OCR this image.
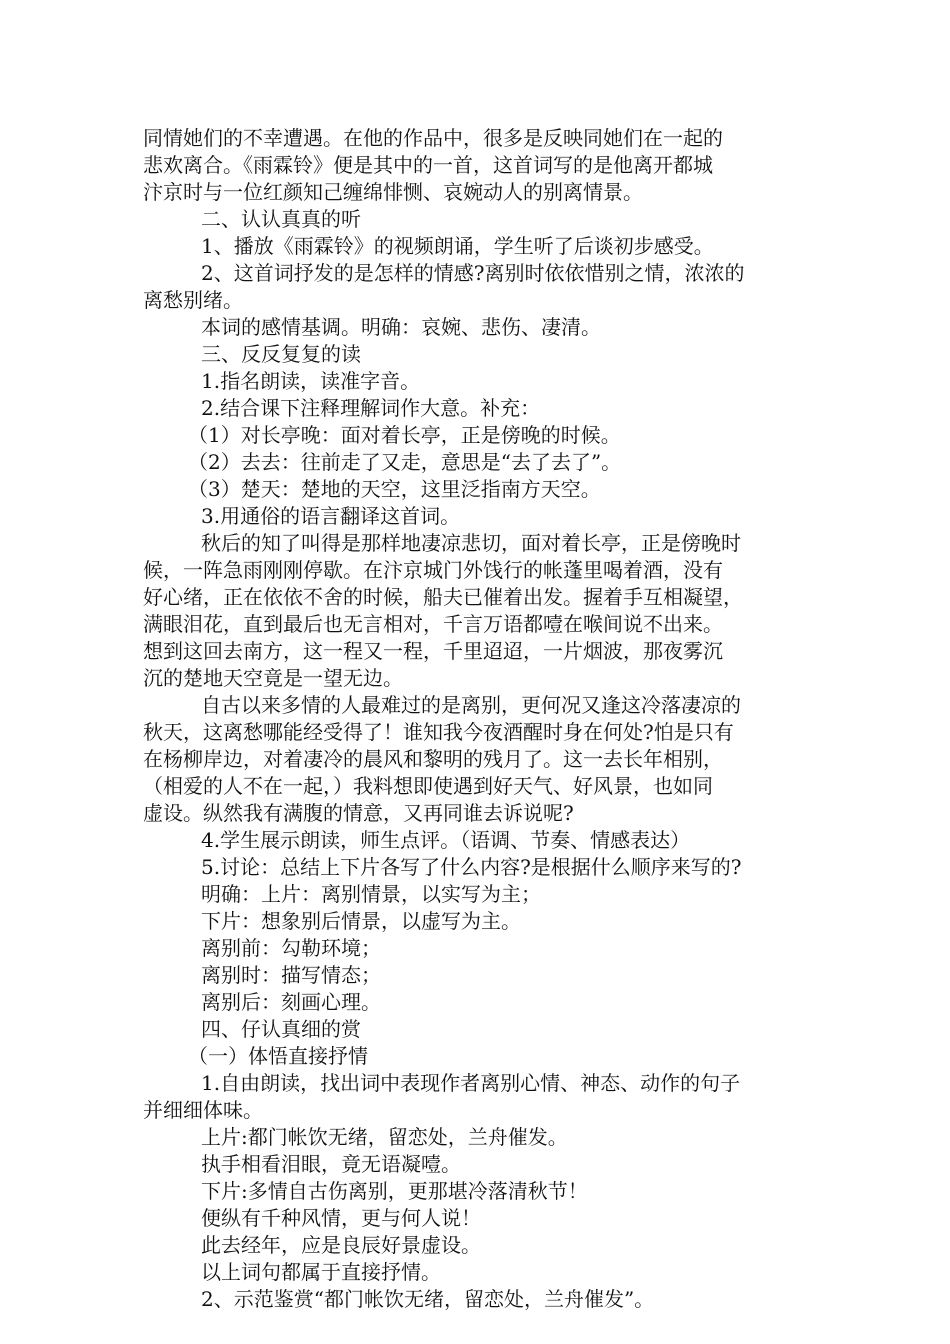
同情她们的不幸遭遇。在他的作品中，很多是反映同她们在一起的
悲欢离合。《雨霖铃》便是其中的一首，这首词写的是他离开都城
汴京时与一位红颜知己缠绵悱恻、哀婉动人的别离情景。
二、认认真真的听
1、播放《雨霖铃》的视频朗诵，学生听了后谈初步感受。
2、这首词抒发的是怎样的情感?离别时依依惜别之情，浓浓的
离愁别绪。
本词的感情基调。明确：哀婉、悲伤、凄清。
三、反反复复的读
1.指名朗读，读准字音。
2.结合课下注释理解词作大意。补充：
（1）对长亭晚：面对着长亭，正是傍晚的时候。
（2）去去：往前走了又走，意思是“去了去了”。
（3）楚天：楚地的天空，这里泛指南方天空。
3.用通俗的语言翻译这首词。
秋后的知了叫得是那样地凄凉悲切，面对着长亭，正是傍晚时
候，一阵急雨刚刚停歇。在汴京城门外饯行的帐蓬里喝着酒，没有
好心绪，正在依依不舍的时候，船夫已催着出发。握着手互相凝望，
满眼泪花，直到最后也无言相对，千言万语都噎在喉间说不出来。
想到这回去南方，这一程又一程，千里迢迢，一片烟波，那夜雾沉
沉的楚地天空竟是一望无边。
自古以来多情的人最难过的是离别，更何况又逢这冷落凄凉的
秋天，这离愁哪能经受得了！谁知我今夜酒醒时身在何处?怕是只有
在杨柳岸边，对着凄冷的晨风和黎明的残月了。这一去长年相别，
（相爱的人不在一起，）我料想即使遇到好天气、好风景，也如同
虚设。纵然我有满腹的情意，又再同谁去诉说呢?
4.学生展示朗读，师生点评。（语调、节奏、情感表达）
5.讨论：总结上下片各写了什么内容?是根据什么顺序来写的?
明确：上片：离别情景，以实写为主；
下片：想象别后情景，以虚写为主。
离别前：勾勒环境；
离别时：描写情态；
离别后：刻画心理。
四、仔认真细的赏
（一）体悟直接抒情
1.自由朗读，找出词中表现作者离别心情、神态、动作的句子
并细细体味。
上片:都门帐饮无绪，留恋处，兰舟催发。
执手相看泪眼，竟无语凝噎。
下片:多情自古伤离别，更那堪冷落清秋节！
便纵有千种风情，更与何人说！
此去经年，应是良辰好景虚设。
以上词句都属于直接抒情。
2、示范鉴赏“都门帐饮无绪，留恋处，兰舟催发”。
